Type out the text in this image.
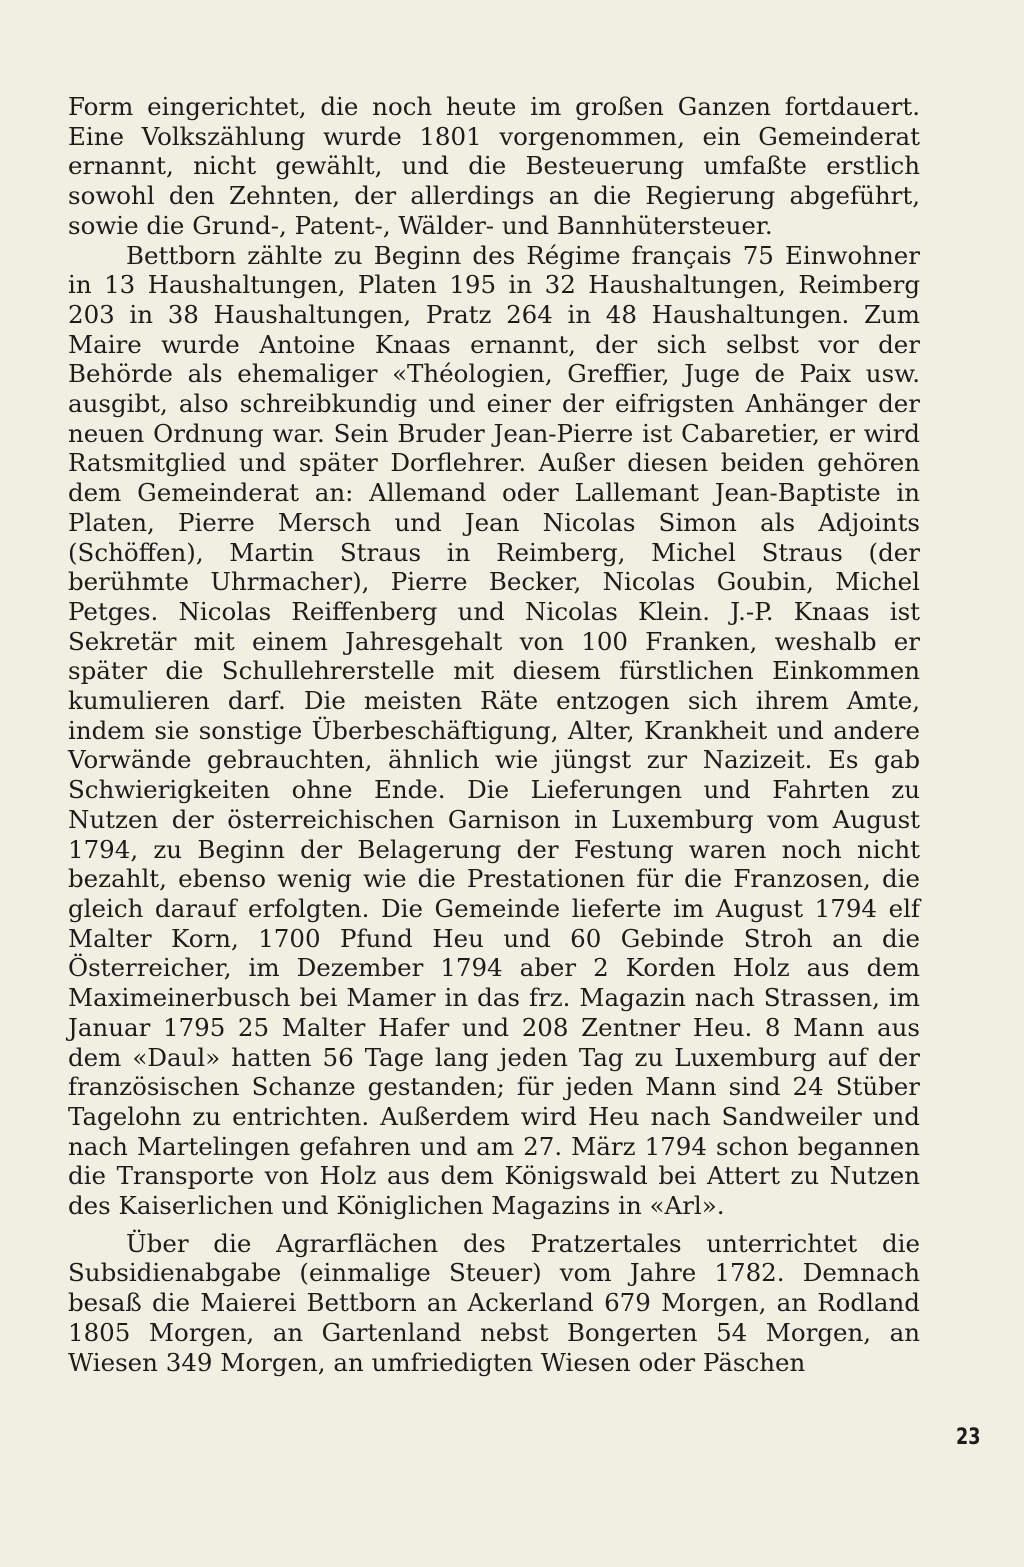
Form eingerichtet, die noch heute im großen Ganzen fortdauert. Eine Volkszählung wurde 1801 vorgenommen, ein Gemeinderat ernannt, nicht gewählt, und die Besteuerung umfaßte erstlich sowohl den Zehnten, der allerdings an die Regierung abgeführt, sowie die Grund-, Patent-, Wälder- und Bannhütersteuer.

Bettborn zählte zu Beginn des Régime français 75 Einwohner in 13 Haushaltungen, Platen 195 in 32 Haushaltungen, Reimberg 203 in 38 Haushaltungen, Pratz 264 in 48 Haushaltungen. Zum Maire wurde Antoine Knaas ernannt, der sich selbst vor der Behörde als ehemaliger «Théologien, Greffier, Juge de Paix usw. ausgibt, also schreibkundig und einer der eifrigsten Anhänger der neuen Ordnung war. Sein Bruder Jean-Pierre ist Cabaretier, er wird Ratsmitglied und später Dorflehrer. Außer diesen beiden gehören dem Gemeinderat an: Allemand oder Lallemant Jean-Baptiste in Platen, Pierre Mersch und Jean Nicolas Simon als Adjoints (Schöffen), Martin Straus in Reimberg, Michel Straus (der berühmte Uhrmacher), Pierre Becker, Nicolas Goubin, Michel Petges. Nicolas Reiffenberg und Nicolas Klein. J.-P. Knaas ist Sekretär mit einem Jahresgehalt von 100 Franken, weshalb er später die Schullehrerstelle mit diesem fürstlichen Einkommen kumulieren darf. Die meisten Räte entzogen sich ihrem Amte, indem sie sonstige Überbeschäftigung, Alter, Krankheit und andere Vorwände gebrauchten, ähnlich wie jüngst zur Nazizeit. Es gab Schwierigkeiten ohne Ende. Die Lieferungen und Fahrten zu Nutzen der österreichischen Garnison in Luxemburg vom August 1794, zu Beginn der Belagerung der Festung waren noch nicht bezahlt, ebenso wenig wie die Prestationen für die Franzosen, die gleich darauf erfolgten. Die Gemeinde lieferte im August 1794 elf Malter Korn, 1700 Pfund Heu und 60 Gebinde Stroh an die Österreicher, im Dezember 1794 aber 2 Korden Holz aus dem Maximeinerbusch bei Mamer in das frz. Magazin nach Strassen, im Januar 1795 25 Malter Hafer und 208 Zentner Heu. 8 Mann aus dem «Daul» hatten 56 Tage lang jeden Tag zu Luxemburg auf der französischen Schanze gestanden; für jeden Mann sind 24 Stüber Tagelohn zu entrichten. Außerdem wird Heu nach Sandweiler und nach Martelingen gefahren und am 27. März 1794 schon begannen die Transporte von Holz aus dem Königswald bei Attert zu Nutzen des Kaiserlichen und Königlichen Magazins in «Arl».

Über die Agrarflächen des Pratzertales unterrichtet die Subsidienabgabe (einmalige Steuer) vom Jahre 1782. Demnach besaß die Maierei Bettborn an Ackerland 679 Morgen, an Rodland 1805 Morgen, an Gartenland nebst Bongerten 54 Morgen, an Wiesen 349 Morgen, an umfriedigten Wiesen oder Päschen

23
